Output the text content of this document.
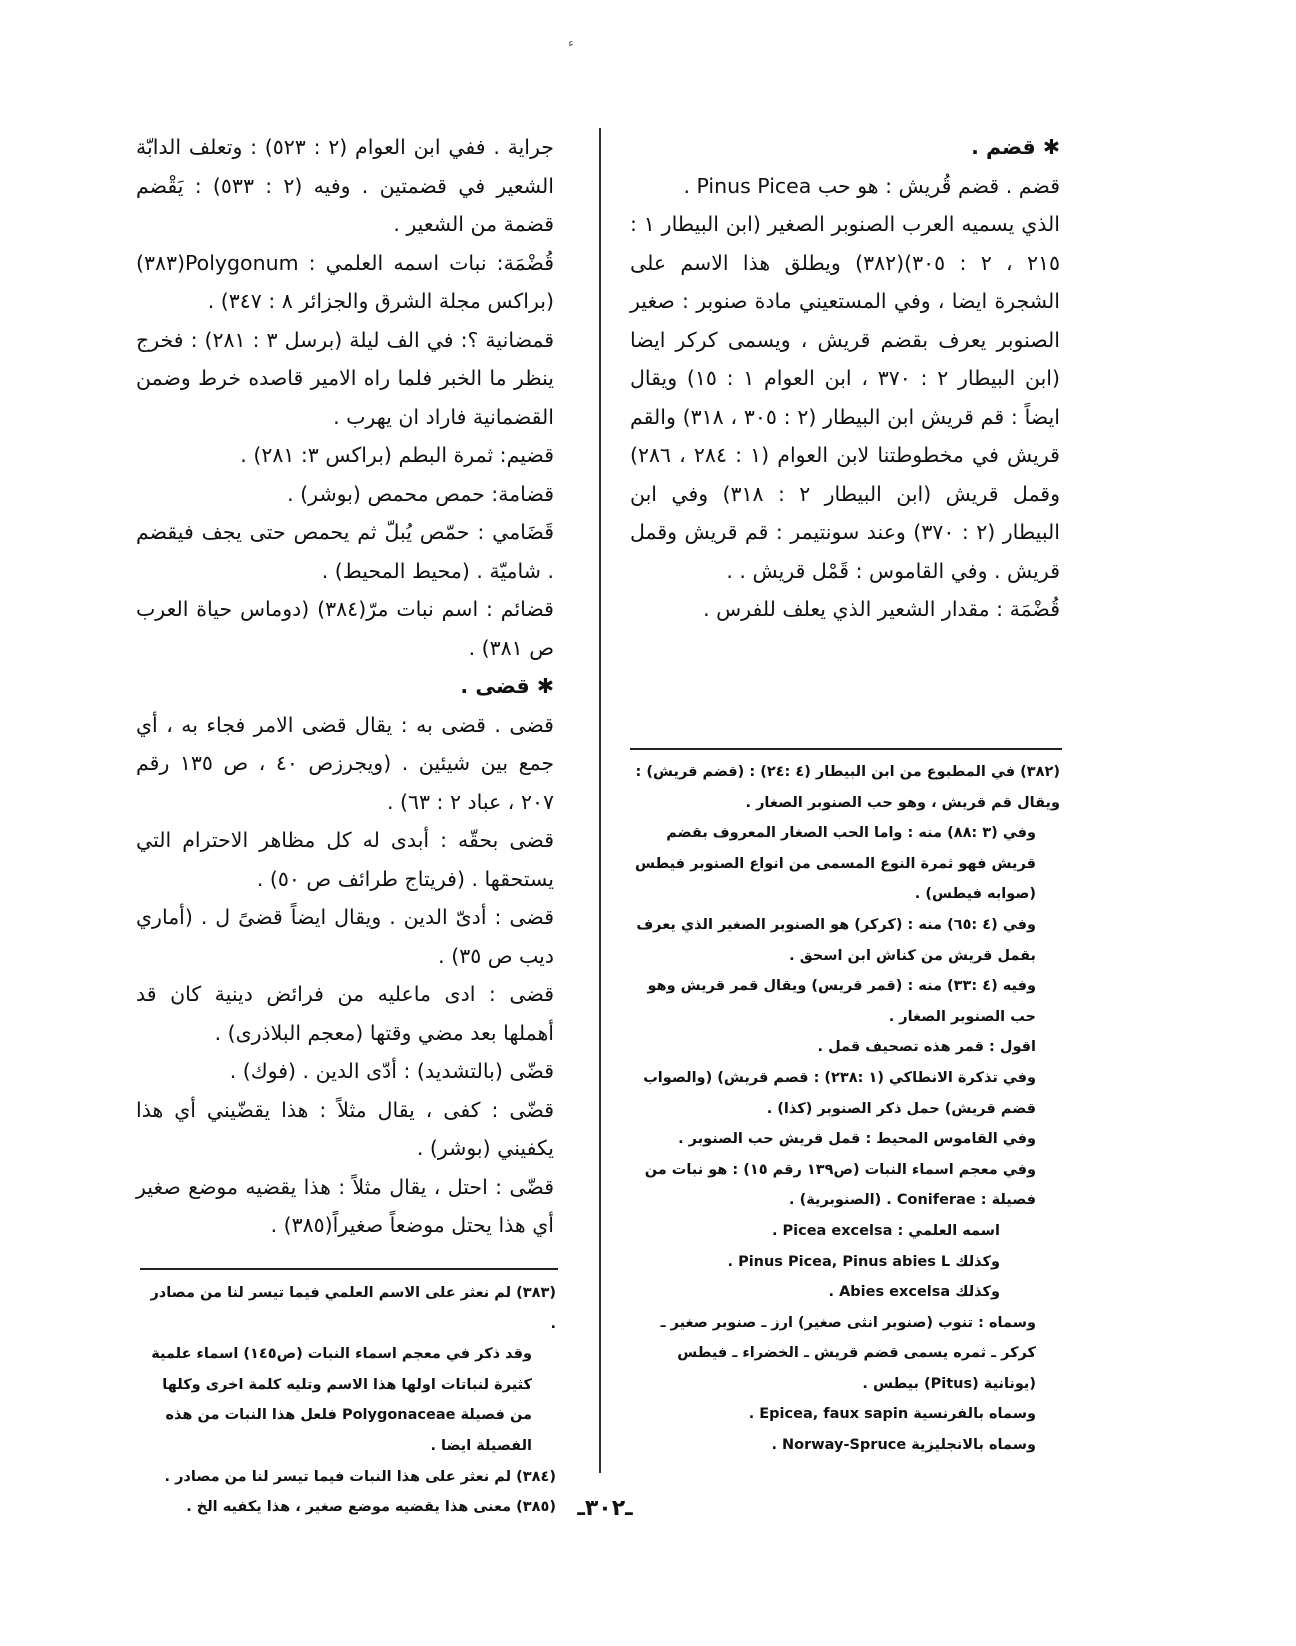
ء

✱ قضم .

قضم . قضم قُريش : هو حب Pinus Picea .

الذي يسميه العرب الصنوبر الصغير (ابن البيطار ١ : ٢١٥ ، ٢ : ٣٠٥)(٣٨٢) ويطلق هذا الاسم على الشجرة ايضا ، وفي المستعيني مادة صنوبر : صغير الصنوبر يعرف بقضم قريش ، ويسمى كركر ايضا (ابن البيطار ٢ : ٣٧٠ ، ابن العوام ١ : ١٥) ويقال ايضاً : قم قريش ابن البيطار (٢ : ٣٠٥ ، ٣١٨) والقم قريش في مخطوطتنا لابن العوام (١ : ٢٨٤ ، ٢٨٦) وقمل قريش (ابن البيطار ٢ : ٣١٨) وفي ابن البيطار (٢ : ٣٧٠) وعند سونتيمر : قم قريش وقمل قريش . وفي القاموس : قَمْل قريش . .

قُضْمَة : مقدار الشعير الذي يعلف للفرس .

جراية . ففي ابن العوام (٢ : ٥٢٣) : وتعلف الدابّة الشعير في قضمتين . وفيه (٢ : ٥٣٣) : يَقْضم قضمة من الشعير .

قُضْمَة: نبات اسمه العلمي : Polygonum(٣٨٣) (براكس مجلة الشرق والجزائر ٨ : ٣٤٧) .

قمضانية ؟: في الف ليلة (برسل ٣ : ٢٨١) : فخرج ينظر ما الخبر فلما راه الامير قاصده خرط وضمن القضمانية فاراد ان يهرب .

قضيم: ثمرة البطم (براكس ٣: ٢٨١) .

قضامة: حمص محمص (بوشر) .

قَضَامي : حمّص يُبلّ ثم يحمص حتى يجف فيقضم . شاميّة . (محيط المحيط) .

قضائم : اسم نبات مرّ(٣٨٤) (دوماس حياة العرب ص ٣٨١) .

✱ قضى .

قضى . قضى به : يقال قضى الامر فجاء به ، أي جمع بين شيئين . (ويجرزص ٤٠ ، ص ١٣٥ رقم ٢٠٧ ، عباد ٢ : ٦٣) .

قضى بحقّه : أبدى له كل مظاهر الاحترام التي يستحقها . (فريتاج طرائف ص ٥٠) .

قضى : أدىّ الدين . ويقال ايضاً قضىً ل . (أماري ديب ص ٣٥) .

قضى : ادى ماعليه من فرائض دينية كان قد أهملها بعد مضي وقتها (معجم البلاذرى) .

قضّى (بالتشديد) : أدّى الدين . (فوك) .

قضّى : كفى ، يقال مثلاً : هذا يقضّيني أي هذا يكفيني (بوشر) .

قضّى : احتل ، يقال مثلاً : هذا يقضيه موضع صغير أي هذا يحتل موضعاً صغيراً(٣٨٥) .

(٣٨٢) في المطبوع من ابن البيطار (٤ :٢٤) : (قضم قريش) : ويقال قم قريش ، وهو حب الصنوبر الصغار .

وفي (٣ :٨٨) منه : واما الحب الصغار المعروف بقضم قريش فهو ثمرة النوع المسمى من انواع الصنوبر فيطس (صوابه فيطس) .

وفي (٤ :٦٥) منه : (كركر) هو الصنوبر الصغير الذي يعرف بقمل قريش من كناش ابن اسحق .

وفيه (٤ :٣٣) منه : (قمر قريس) ويقال قمر قريش وهو حب الصنوبر الصغار .

اقول : قمر هذه تصحيف قمل .

وفي تذكرة الانطاكي (١ :٢٣٨) : قصم قريش) (والصواب قضم قريش) حمل ذكر الصنوبر (كذا) .

وفي القاموس المحيط : قمل قريش حب الصنوبر .

وفي معجم اسماء النبات (ص١٣٩ رقم ١٥) : هو نبات من فصيلة : Coniferae . (الصنوبرية) .

اسمه العلمي : Picea excelsa .

وكذلك Pinus Picea, Pinus abies L .

وكذلك Abies excelsa .

وسماه : تنوب (صنوبر انثى صغير) ارز ـ صنوبر صغير ـ كركر ـ ثمره يسمى قضم قريش ـ الخضراء ـ فيطس (يونانية (Pitus) بيطس .

وسماه بالفرنسية Epicea, faux sapin .

وسماه بالانجليزية Norway-Spruce .

(٣٨٣) لم نعثر على الاسم العلمي فيما تيسر لنا من مصادر .

وقد ذكر في معجم اسماء النبات (ص١٤٥) اسماء علمية كثيرة لنباتات اولها هذا الاسم وتليه كلمة اخرى وكلها من فصيلة Polygonaceae فلعل هذا النبات من هذه الفصيلة ايضا .

(٣٨٤) لم نعثر على هذا النبات فيما تيسر لنا من مصادر .

(٣٨٥) معنى هذا يقضيه موضع صغير ، هذا يكفيه الخ . ـ٣٠٢ـ
